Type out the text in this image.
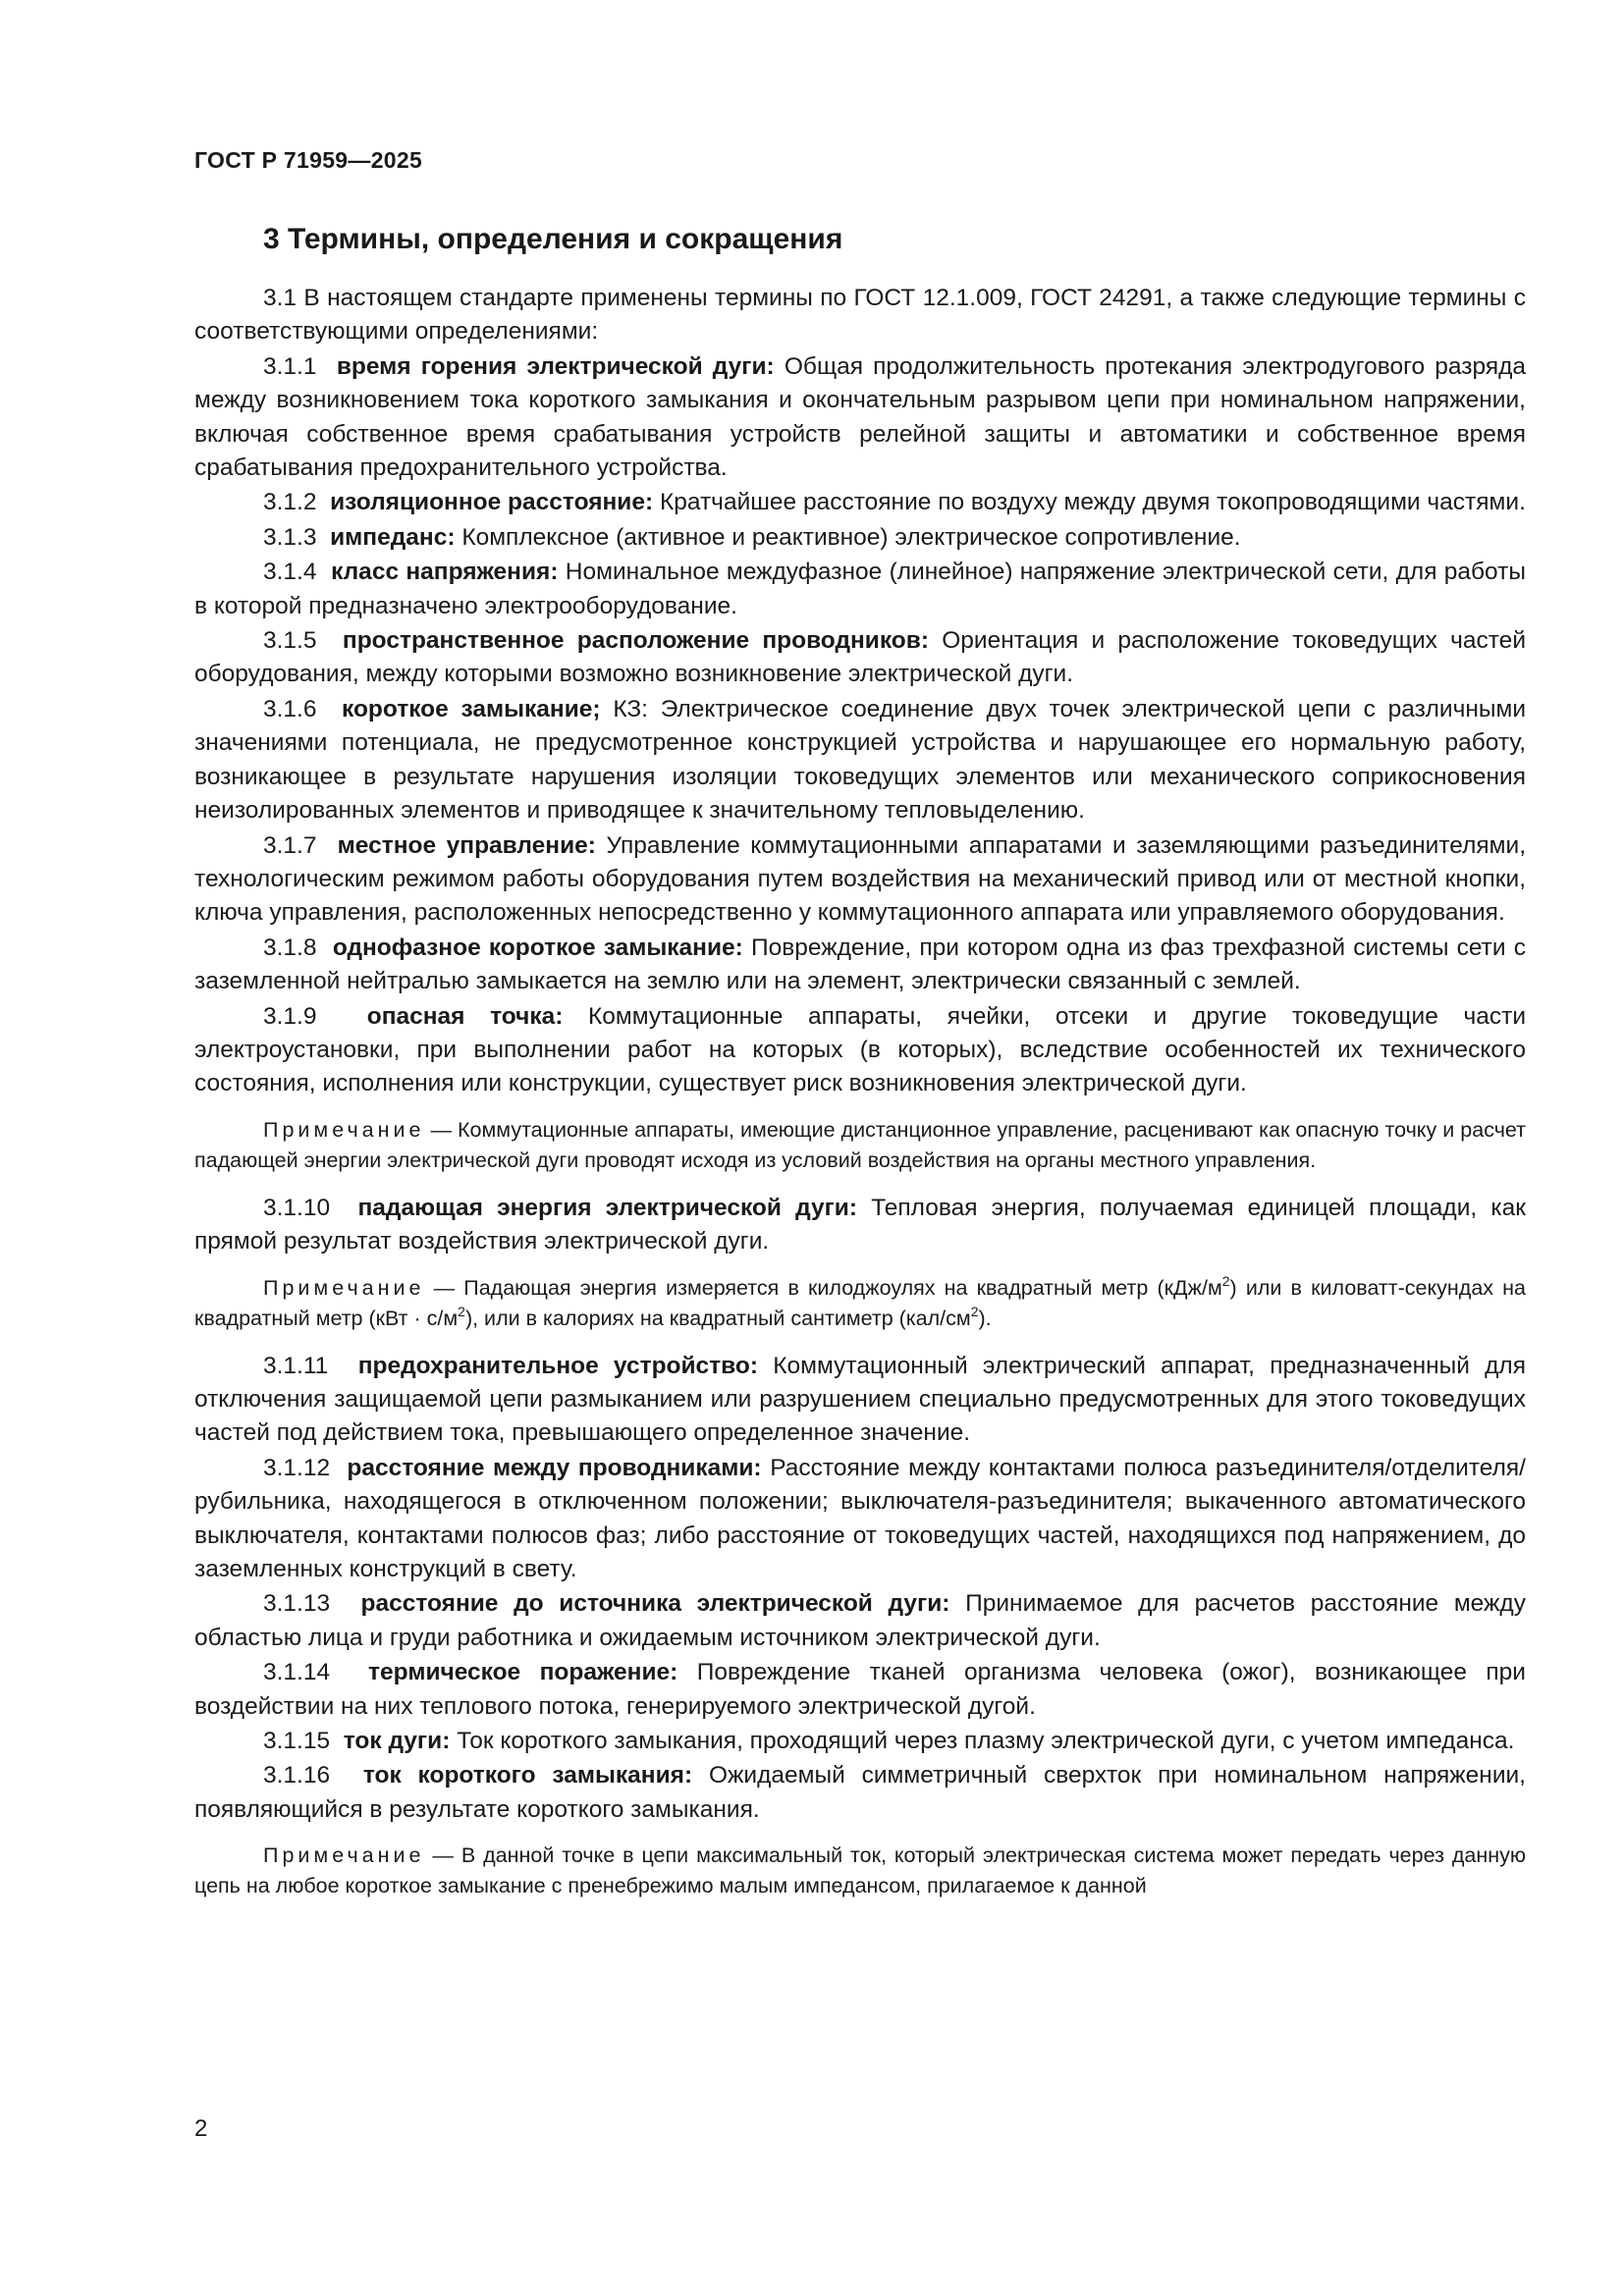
ГОСТ Р 71959—2025
3 Термины, определения и сокращения

3.1 В настоящем стандарте применены термины по ГОСТ 12.1.009, ГОСТ 24291, а также следующие термины с соответствующими определениями:

3.1.1 время горения электрической дуги: Общая продолжительность протекания электродугового разряда между возникновением тока короткого замыкания и окончательным разрывом цепи при номинальном напряжении, включая собственное время срабатывания устройств релейной защиты и автоматики и собственное время срабатывания предохранительного устройства.

3.1.2 изоляционное расстояние: Кратчайшее расстояние по воздуху между двумя токопроводящими частями.

3.1.3 импеданс: Комплексное (активное и реактивное) электрическое сопротивление.

3.1.4 класс напряжения: Номинальное междуфазное (линейное) напряжение электрической сети, для работы в которой предназначено электрооборудование.

3.1.5 пространственное расположение проводников: Ориентация и расположение токоведущих частей оборудования, между которыми возможно возникновение электрической дуги.

3.1.6 короткое замыкание; КЗ: Электрическое соединение двух точек электрической цепи с различными значениями потенциала, не предусмотренное конструкцией устройства и нарушающее его нормальную работу, возникающее в результате нарушения изоляции токоведущих элементов или механического соприкосновения неизолированных элементов и приводящее к значительному тепловыделению.

3.1.7 местное управление: Управление коммутационными аппаратами и заземляющими разъединителями, технологическим режимом работы оборудования путем воздействия на механический привод или от местной кнопки, ключа управления, расположенных непосредственно у коммутационного аппарата или управляемого оборудования.

3.1.8 однофазное короткое замыкание: Повреждение, при котором одна из фаз трехфазной системы сети с заземленной нейтралью замыкается на землю или на элемент, электрически связанный с землей.

3.1.9 опасная точка: Коммутационные аппараты, ячейки, отсеки и другие токоведущие части электроустановки, при выполнении работ на которых (в которых), вследствие особенностей их технического состояния, исполнения или конструкции, существует риск возникновения электрической дуги.

Примечание — Коммутационные аппараты, имеющие дистанционное управление, расценивают как опасную точку и расчет падающей энергии электрической дуги проводят исходя из условий воздействия на органы местного управления.

3.1.10 падающая энергия электрической дуги: Тепловая энергия, получаемая единицей площади, как прямой результат воздействия электрической дуги.

Примечание — Падающая энергия измеряется в килоджоулях на квадратный метр $(кДж/м^2)$ или в киловатт-секундах на квадратный метр $(кВт \cdot с/м^2)$, или в калориях на квадратный сантиметр $(кал/см^2)$.

3.1.11 предохранительное устройство: Коммутационный электрический аппарат, предназначенный для отключения защищаемой цепи размыканием или разрушением специально предусмотренных для этого токоведущих частей под действием тока, превышающего определенное значение.

3.1.12 расстояние между проводниками: Расстояние между контактами полюса разъединителя/отделителя/рубильника, находящегося в отключенном положении; выключателя-разъединителя; выкаченного автоматического выключателя, контактами полюсов фаз; либо расстояние от токоведущих частей, находящихся под напряжением, до заземленных конструкций в свету.

3.1.13 расстояние до источника электрической дуги: Принимаемое для расчетов расстояние между областью лица и груди работника и ожидаемым источником электрической дуги.

3.1.14 термическое поражение: Повреждение тканей организма человека (ожог), возникающее при воздействии на них теплового потока, генерируемого электрической дугой.

3.1.15 ток дуги: Ток короткого замыкания, проходящий через плазму электрической дуги, с учетом импеданса.

3.1.16 ток короткого замыкания: Ожидаемый симметричный сверхток при номинальном напряжении, появляющийся в результате короткого замыкания.

Примечание — В данной точке в цепи максимальный ток, который электрическая система может передать через данную цепь на любое короткое замыкание с пренебрежимо малым импедансом, прилагаемое к данной

2
